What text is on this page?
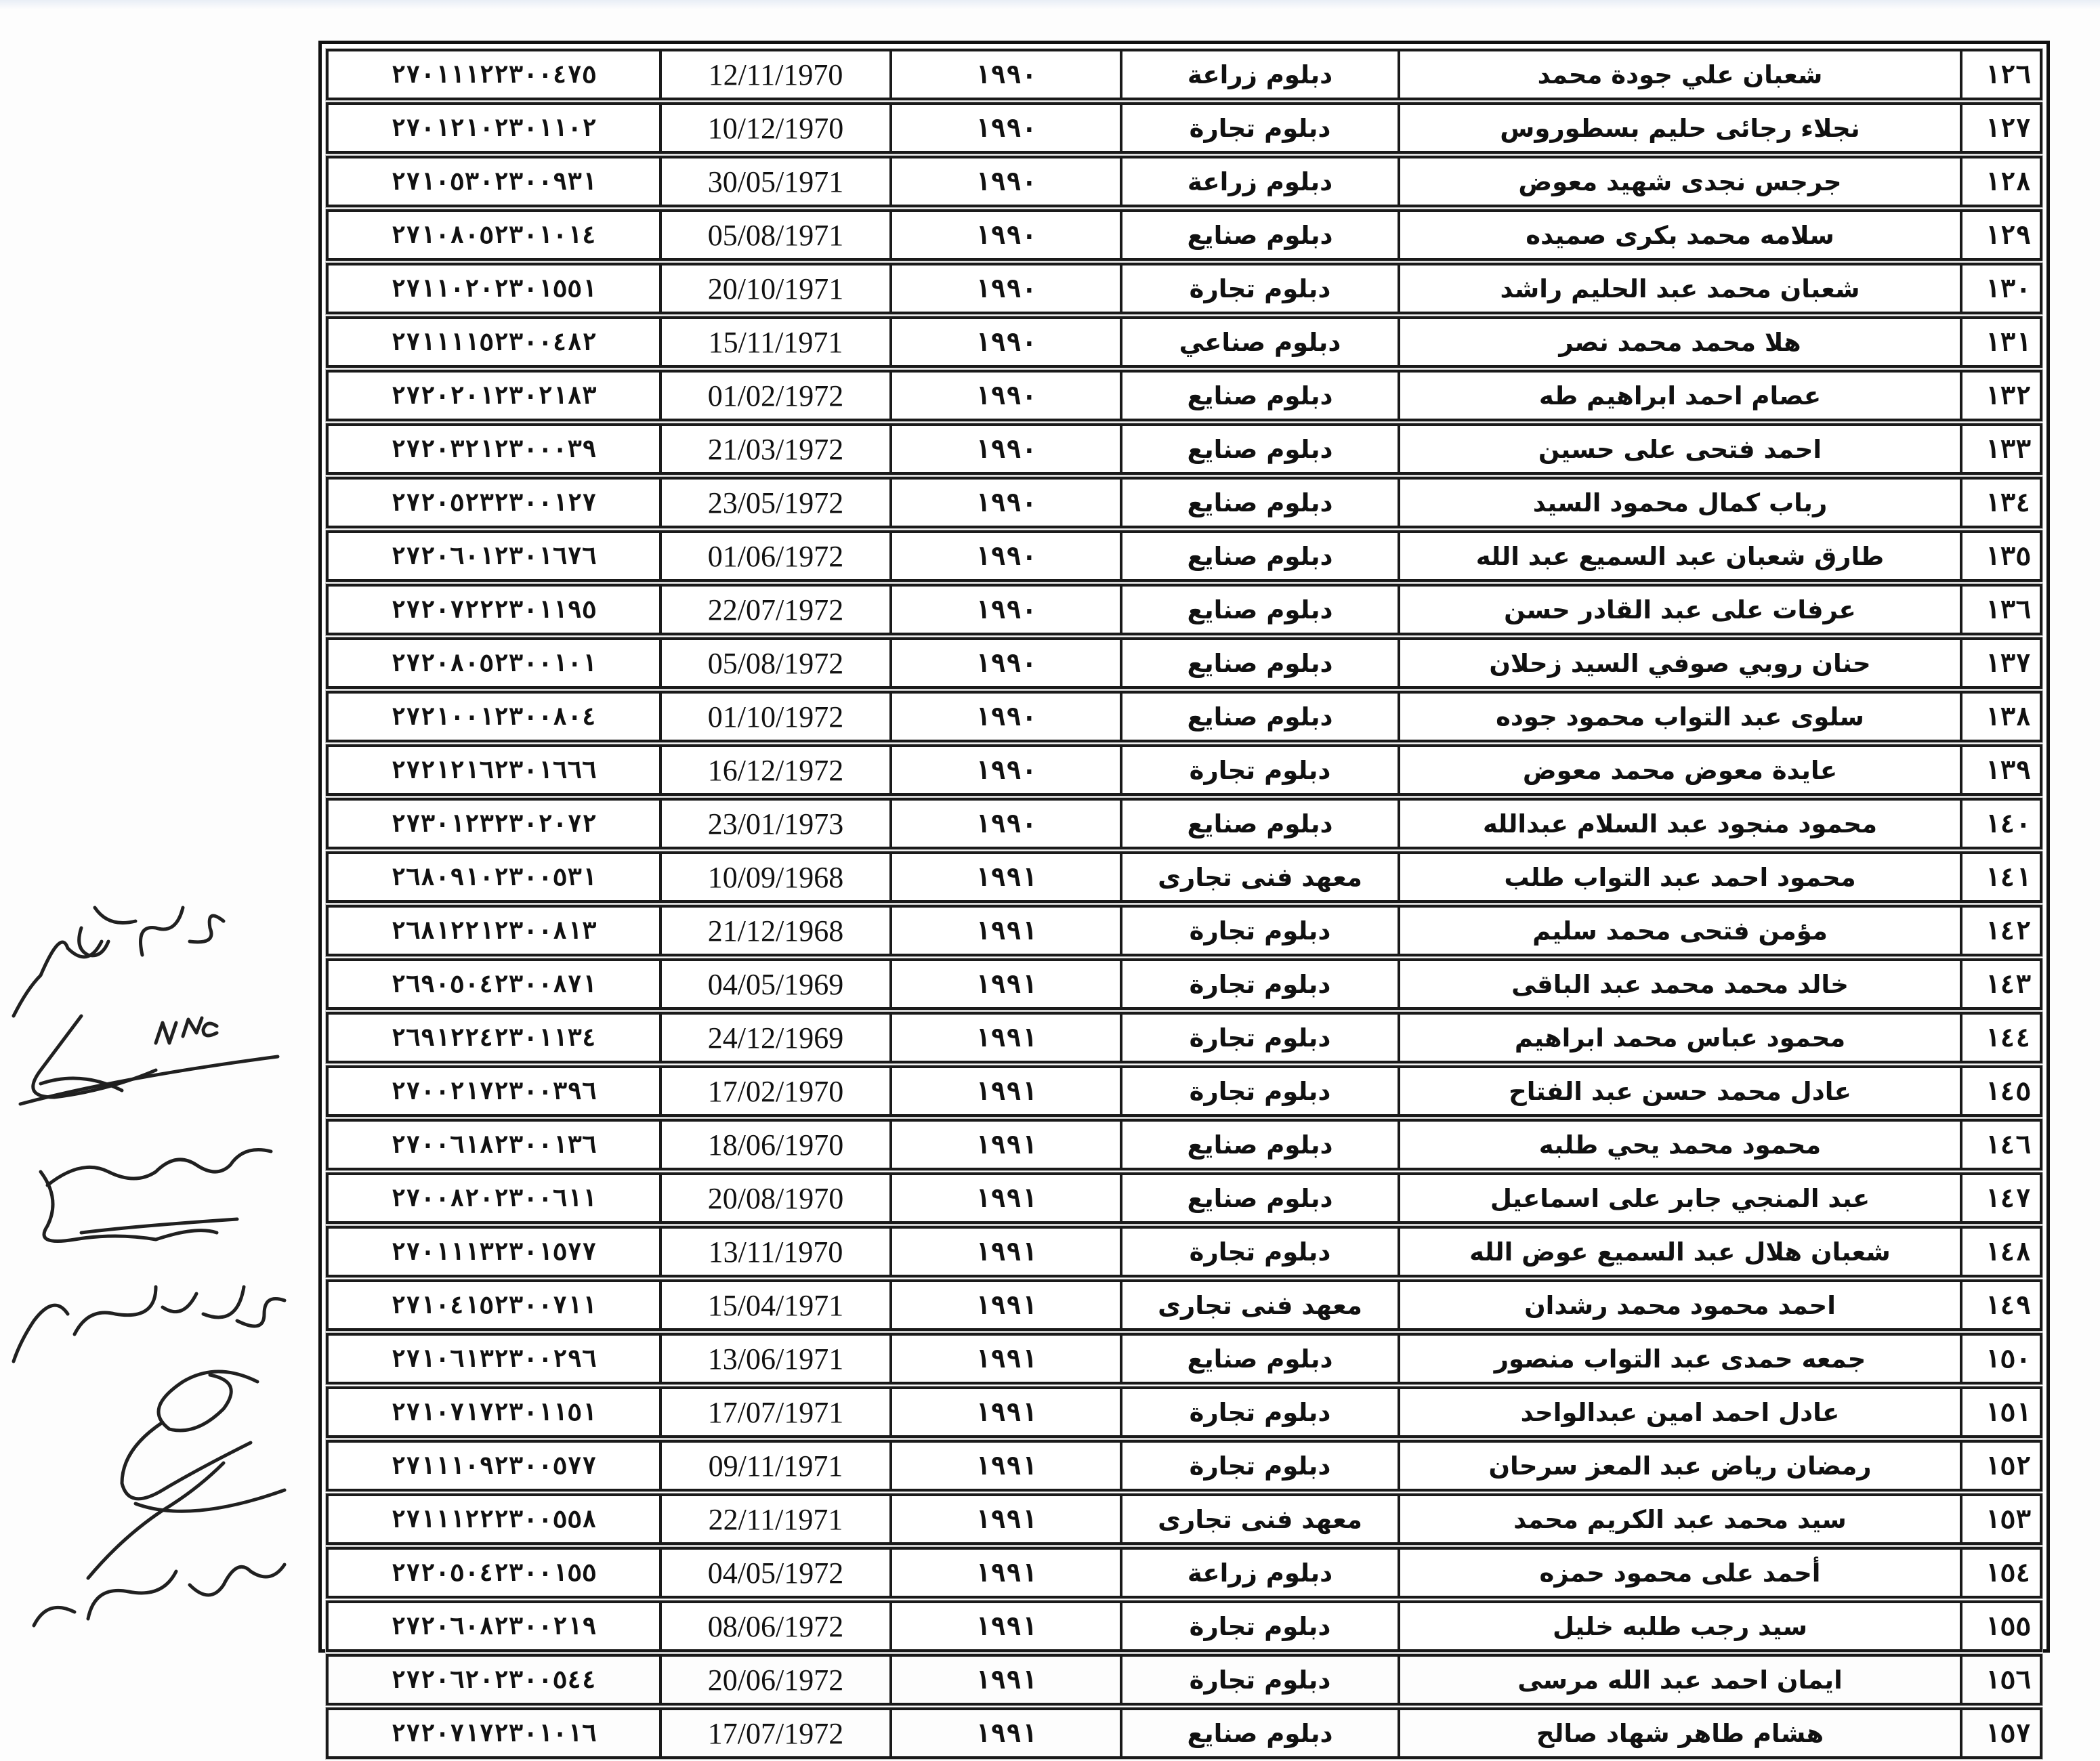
٢٧٠١١١٢٢٣٠٠٤٧٥	12/11/1970	١٩٩٠	دبلوم زراعة	شعبان علي جودة محمد		١٢٦
٢٧٠١٢١٠٢٣٠١١٠٢	10/12/1970	١٩٩٠	دبلوم تجارة	نجلاء رجائى حليم بسطوروس		١٢٧
٢٧١٠٥٣٠٢٣٠٠٩٣١	30/05/1971	١٩٩٠	دبلوم زراعة	جرجس نجدى شهيد معوض		١٢٨
٢٧١٠٨٠٥٢٣٠١٠١٤	05/08/1971	١٩٩٠	دبلوم صنايع	سلامه محمد بكرى صميده		١٢٩
٢٧١١٠٢٠٢٣٠١٥٥١	20/10/1971	١٩٩٠	دبلوم تجارة	شعبان محمد عبد الحليم راشد		١٣٠
٢٧١١١١٥٢٣٠٠٤٨٢	15/11/1971	١٩٩٠	دبلوم صناعي	هلا محمد محمد نصر		١٣١
٢٧٢٠٢٠١٢٣٠٢١٨٣	01/02/1972	١٩٩٠	دبلوم صنايع	عصام احمد ابراهيم طه		١٣٢
٢٧٢٠٣٢١٢٣٠٠٠٣٩	21/03/1972	١٩٩٠	دبلوم صنايع	احمد فتحى على حسين		١٣٣
٢٧٢٠٥٢٣٢٣٠٠١٢٧	23/05/1972	١٩٩٠	دبلوم صنايع	رباب كمال محمود السيد		١٣٤
٢٧٢٠٦٠١٢٣٠١٦٧٦	01/06/1972	١٩٩٠	دبلوم صنايع	طارق شعبان عبد السميع عبد الله		١٣٥
٢٧٢٠٧٢٢٢٣٠١١٩٥	22/07/1972	١٩٩٠	دبلوم صنايع	عرفات على عبد القادر حسن		١٣٦
٢٧٢٠٨٠٥٢٣٠٠١٠١	05/08/1972	١٩٩٠	دبلوم صنايع	حنان روبي صوفي السيد زحلان		١٣٧
٢٧٢١٠٠١٢٣٠٠٨٠٤	01/10/1972	١٩٩٠	دبلوم صنايع	سلوى عبد التواب محمود جوده		١٣٨
٢٧٢١٢١٦٢٣٠١٦٦٦	16/12/1972	١٩٩٠	دبلوم تجارة	عايدة معوض محمد معوض		١٣٩
٢٧٣٠١٢٣٢٣٠٢٠٧٢	23/01/1973	١٩٩٠	دبلوم صنايع	محمود منجود عبد السلام عبدالله		١٤٠
٢٦٨٠٩١٠٢٣٠٠٥٣١	10/09/1968	١٩٩١	معهد فنى تجارى	محمود احمد عبد التواب طلب		١٤١
٢٦٨١٢٢١٢٣٠٠٨١٣	21/12/1968	١٩٩١	دبلوم تجارة	مؤمن فتحى محمد سليم		١٤٢
٢٦٩٠٥٠٤٢٣٠٠٨٧١	04/05/1969	١٩٩١	دبلوم تجارة	خالد محمد محمد عبد الباقى		١٤٣
٢٦٩١٢٢٤٢٣٠١١٣٤	24/12/1969	١٩٩١	دبلوم تجارة	محمود عباس محمد ابراهيم		١٤٤
٢٧٠٠٢١٧٢٣٠٠٣٩٦	17/02/1970	١٩٩١	دبلوم تجارة	عادل محمد حسن عبد الفتاح		١٤٥
٢٧٠٠٦١٨٢٣٠٠١٣٦	18/06/1970	١٩٩١	دبلوم صنايع	محمود محمد يحي طلبه		١٤٦
٢٧٠٠٨٢٠٢٣٠٠٦١١	20/08/1970	١٩٩١	دبلوم صنايع	عبد المنجي جابر على اسماعيل		١٤٧
٢٧٠١١١٣٢٣٠١٥٧٧	13/11/1970	١٩٩١	دبلوم تجارة	شعبان هلال عبد السميع عوض الله		١٤٨
٢٧١٠٤١٥٢٣٠٠٧١١	15/04/1971	١٩٩١	معهد فنى تجارى	احمد محمود محمد رشدان		١٤٩
٢٧١٠٦١٣٢٣٠٠٢٩٦	13/06/1971	١٩٩١	دبلوم صنايع	جمعه حمدى عبد التواب منصور		١٥٠
٢٧١٠٧١٧٢٣٠١١٥١	17/07/1971	١٩٩١	دبلوم تجارة	عادل احمد امين عبدالواحد		١٥١
٢٧١١١٠٩٢٣٠٠٥٧٧	09/11/1971	١٩٩١	دبلوم تجارة	رمضان رياض عبد المعز سرحان		١٥٢
٢٧١١١٢٢٢٣٠٠٥٥٨	22/11/1971	١٩٩١	معهد فنى تجارى	سيد محمد عبد الكريم محمد		١٥٣
٢٧٢٠٥٠٤٢٣٠٠١٥٥	04/05/1972	١٩٩١	دبلوم زراعة	أحمد على محمود حمزه		١٥٤
٢٧٢٠٦٠٨٢٣٠٠٢١٩	08/06/1972	١٩٩١	دبلوم تجارة	سيد رجب طلبه خليل		١٥٥
٢٧٢٠٦٢٠٢٣٠٠٥٤٤	20/06/1972	١٩٩١	دبلوم تجارة	ايمان احمد عبد الله مرسى		١٥٦
٢٧٢٠٧١٧٢٣٠١٠١٦	17/07/1972	١٩٩١	دبلوم صنايع	هشام طاهر شهاد صالح		١٥٧
